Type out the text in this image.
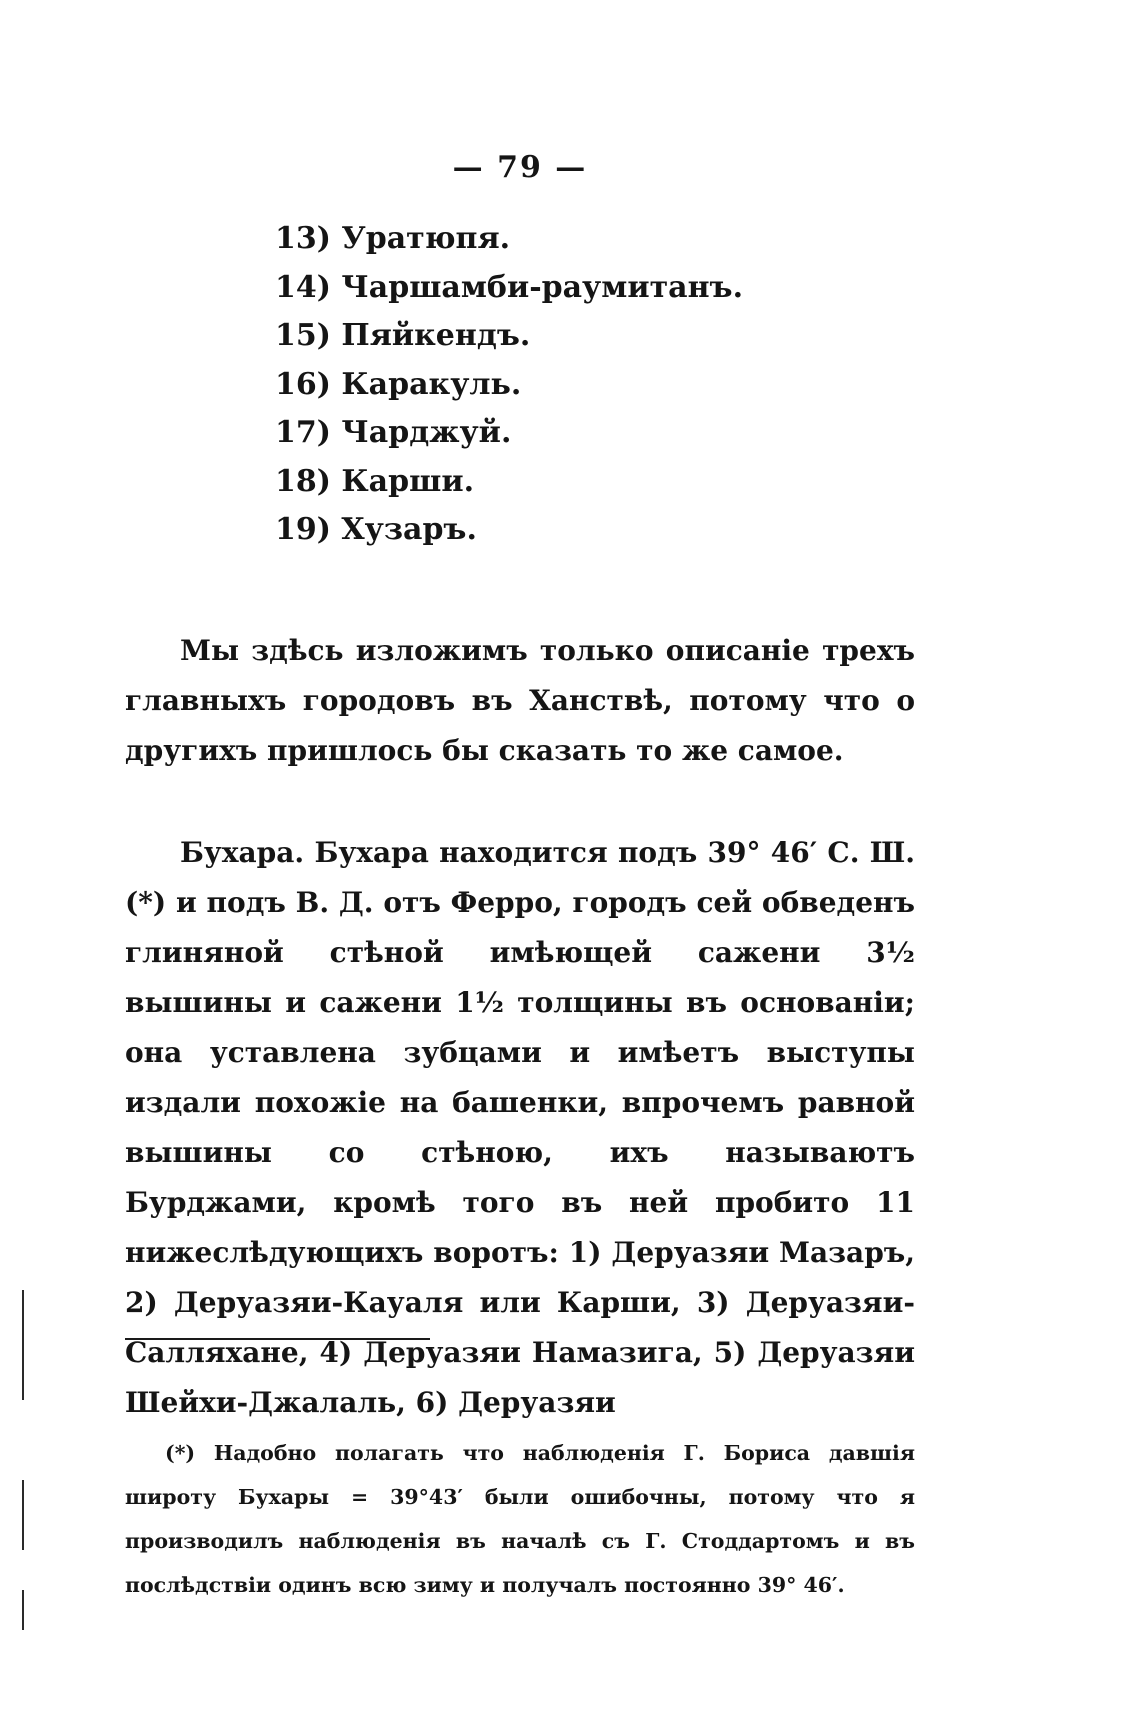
— 79 —
13) Уратюпя.
14) Чаршамби-раумитанъ.
15) Пяйкендъ.
16) Каракуль.
17) Чарджуй.
18) Карши.
19) Хузаръ.

Мы здѣсь изложимъ только описаніе трехъ главныхъ городовъ въ Ханствѣ, потому что о другихъ пришлось бы сказать то же самое.

Бухара. Бухара находится подъ 39° 46′ С. Ш. (*) и подъ В. Д. отъ Ферро, городъ сей обведенъ глиняной стѣной имѣющей сажени 3½ вышины и сажени 1½ толщины въ основаніи; она уставлена зубцами и имѣетъ выступы издали похожіе на башенки, впрочемъ равной вышины со стѣною, ихъ называютъ Бурджами, кромѣ того въ ней пробито 11 нижеслѣдующихъ воротъ: 1) Деруазяи Мазаръ, 2) Деруазяи-Кауаля или Карши, 3) Деруазяи-Салляхане, 4) Деруазяи Намазига, 5) Деруазяи Шейхи-Джалаль, 6) Деруазяи

(*) Надобно полагать что наблюденія Г. Бориса давшія широту Бухары = 39°43′ были ошибочны, потому что я производилъ наблюденія въ началѣ съ Г. Стоддартомъ и въ послѣдствіи одинъ всю зиму и получалъ постоянно 39° 46′.
